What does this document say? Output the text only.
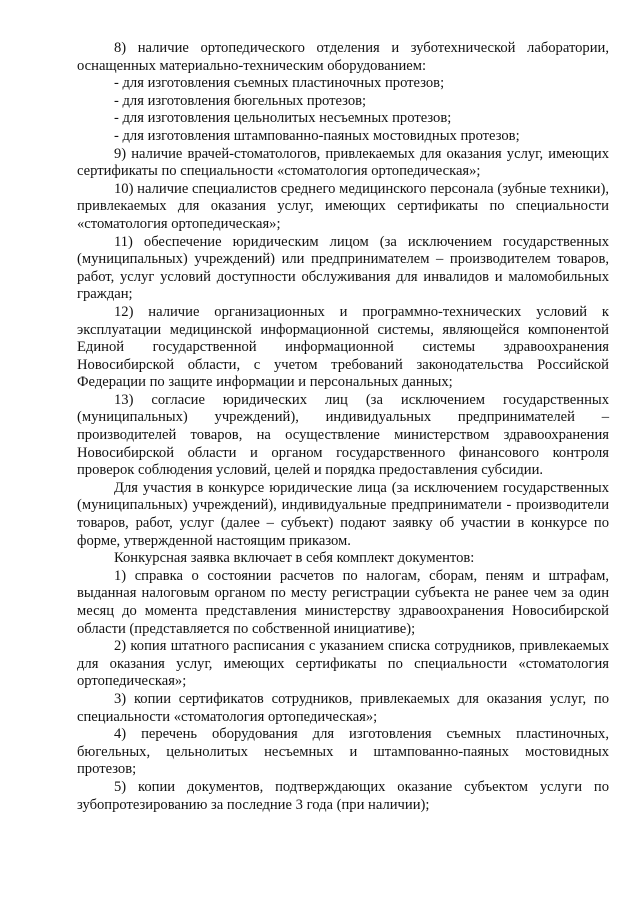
8) наличие ортопедического отделения и зуботехнической лаборатории, оснащенных материально-техническим оборудованием:

- для изготовления съемных пластиночных протезов;

- для изготовления бюгельных протезов;

- для изготовления цельнолитых несъемных протезов;

- для изготовления штампованно-паяных мостовидных протезов;

9) наличие врачей-стоматологов, привлекаемых для оказания услуг, имеющих сертификаты по специальности «стоматология ортопедическая»;

10) наличие специалистов среднего медицинского персонала (зубные техники), привлекаемых для оказания услуг, имеющих сертификаты по специальности «стоматология ортопедическая»;

11) обеспечение юридическим лицом (за исключением государственных (муниципальных) учреждений) или предпринимателем – производителем товаров, работ, услуг условий доступности обслуживания для инвалидов и маломобильных граждан;

12) наличие организационных и программно-технических условий к эксплуатации медицинской информационной системы, являющейся компонентой Единой государственной информационной системы здравоохранения Новосибирской области, с учетом требований законодательства Российской Федерации по защите информации и персональных данных;

13) согласие юридических лиц (за исключением государственных (муниципальных) учреждений), индивидуальных предпринимателей – производителей товаров, на осуществление министерством здравоохранения Новосибирской области и органом государственного финансового контроля проверок соблюдения условий, целей и порядка предоставления субсидии.

Для участия в конкурсе юридические лица (за исключением государственных (муниципальных) учреждений), индивидуальные предприниматели - производители товаров, работ, услуг (далее – субъект) подают заявку об участии в конкурсе по форме, утвержденной настоящим приказом.

Конкурсная заявка включает в себя комплект документов:

1) справка о состоянии расчетов по налогам, сборам, пеням и штрафам, выданная налоговым органом по месту регистрации субъекта не ранее чем за один месяц до момента представления министерству здравоохранения Новосибирской области (представляется по собственной инициативе);

2) копия штатного расписания с указанием списка сотрудников, привлекаемых для оказания услуг, имеющих сертификаты по специальности «стоматология ортопедическая»;

3) копии сертификатов сотрудников, привлекаемых для оказания услуг, по специальности «стоматология ортопедическая»;

4) перечень оборудования для изготовления съемных пластиночных, бюгельных, цельнолитых несъемных и штампованно-паяных мостовидных протезов;

5) копии документов, подтверждающих оказание субъектом услуги по зубопротезированию за последние 3 года (при наличии);
